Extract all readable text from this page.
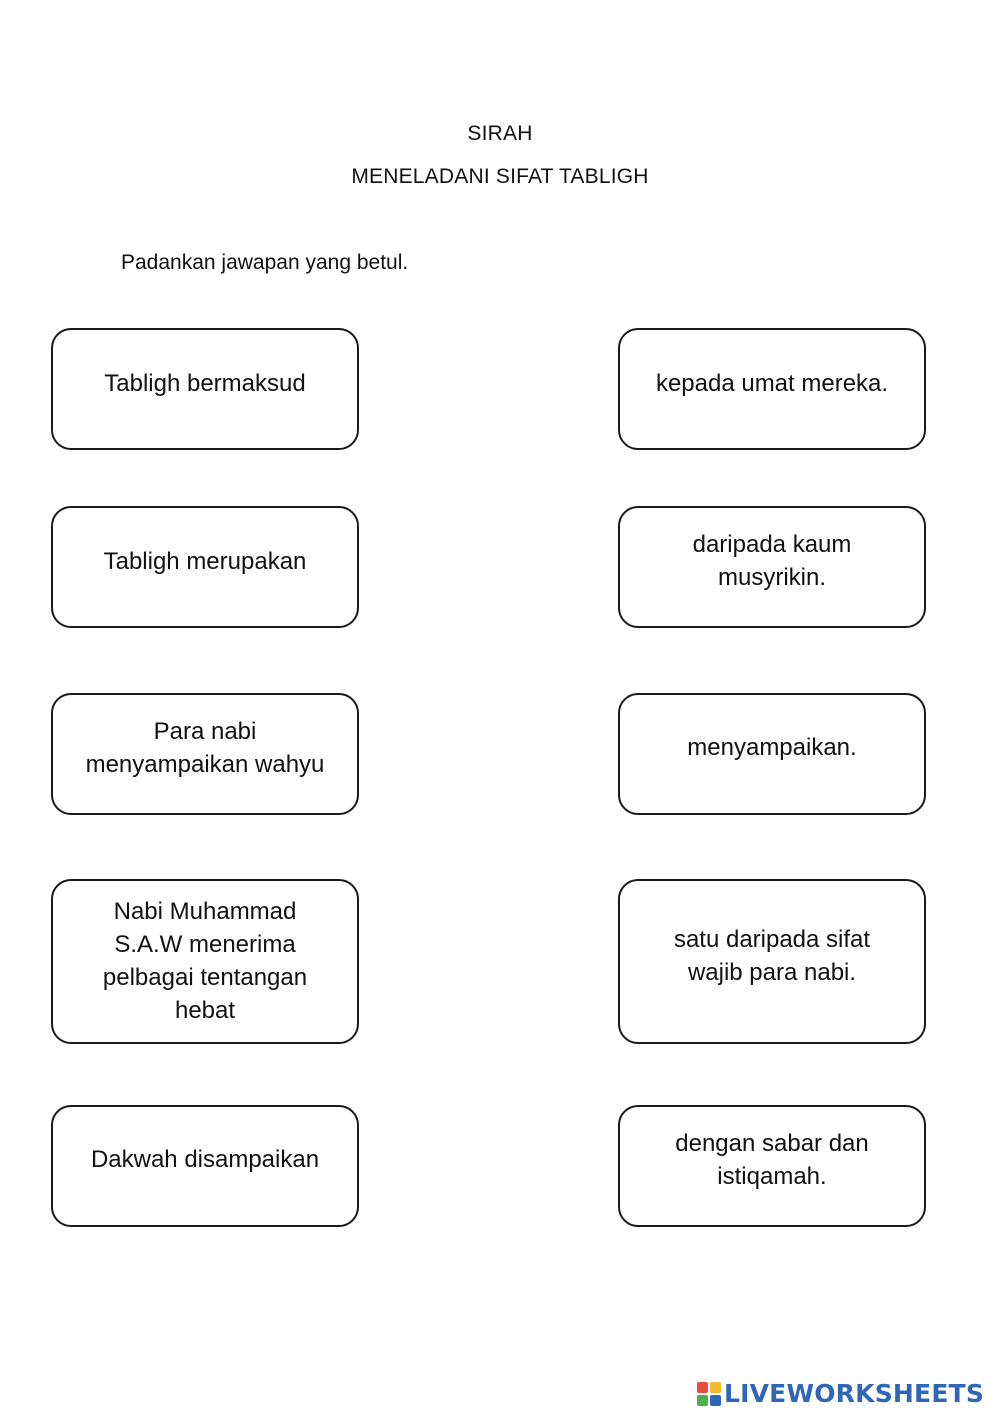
SIRAH
MENELADANI SIFAT TABLIGH
Padankan jawapan yang betul.
Tabligh bermaksud
Tabligh merupakan
Para nabi
menyampaikan wahyu
Nabi Muhammad
S.A.W menerima
pelbagai tentangan
hebat
Dakwah disampaikan
kepada umat mereka.
daripada kaum
musyrikin.
menyampaikan.
satu daripada sifat
wajib para nabi.
dengan sabar dan
istiqamah.
LIVEWORKSHEETS
